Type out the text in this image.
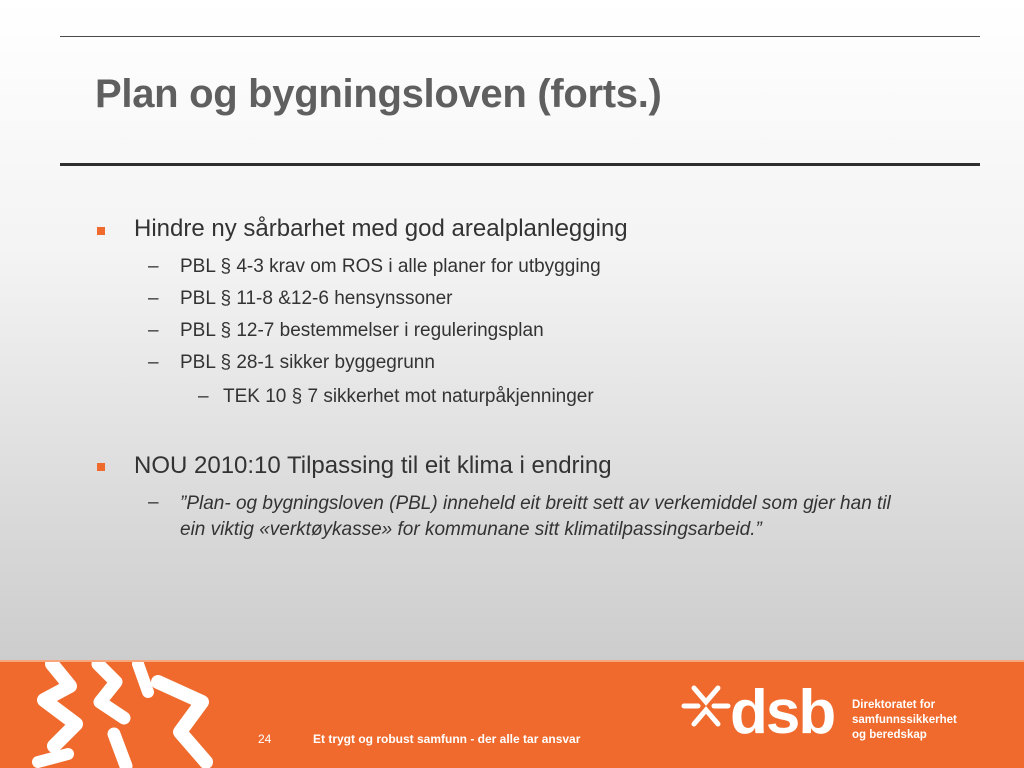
Plan og bygningsloven (forts.)
Hindre ny sårbarhet med god arealplanlegging
– PBL § 4-3 krav om ROS i alle planer for utbygging
– PBL § 11-8 &12-6 hensynssoner
– PBL § 12-7 bestemmelser i reguleringsplan
– PBL § 28-1 sikker byggegrunn
– TEK 10 § 7 sikkerhet mot naturpåkjenninger
NOU 2010:10 Tilpassing til eit klima i endring
– ”Plan- og bygningsloven (PBL) inneheld eit breitt sett av verkemiddel som gjer han til ein viktig «verktøykasse» for kommunane sitt klimatilpassingsarbeid.”
24	Et trygt og robust samfunn - der alle tar ansvar dsb Direktoratet for
samfunnssikkerhet
og beredskap
